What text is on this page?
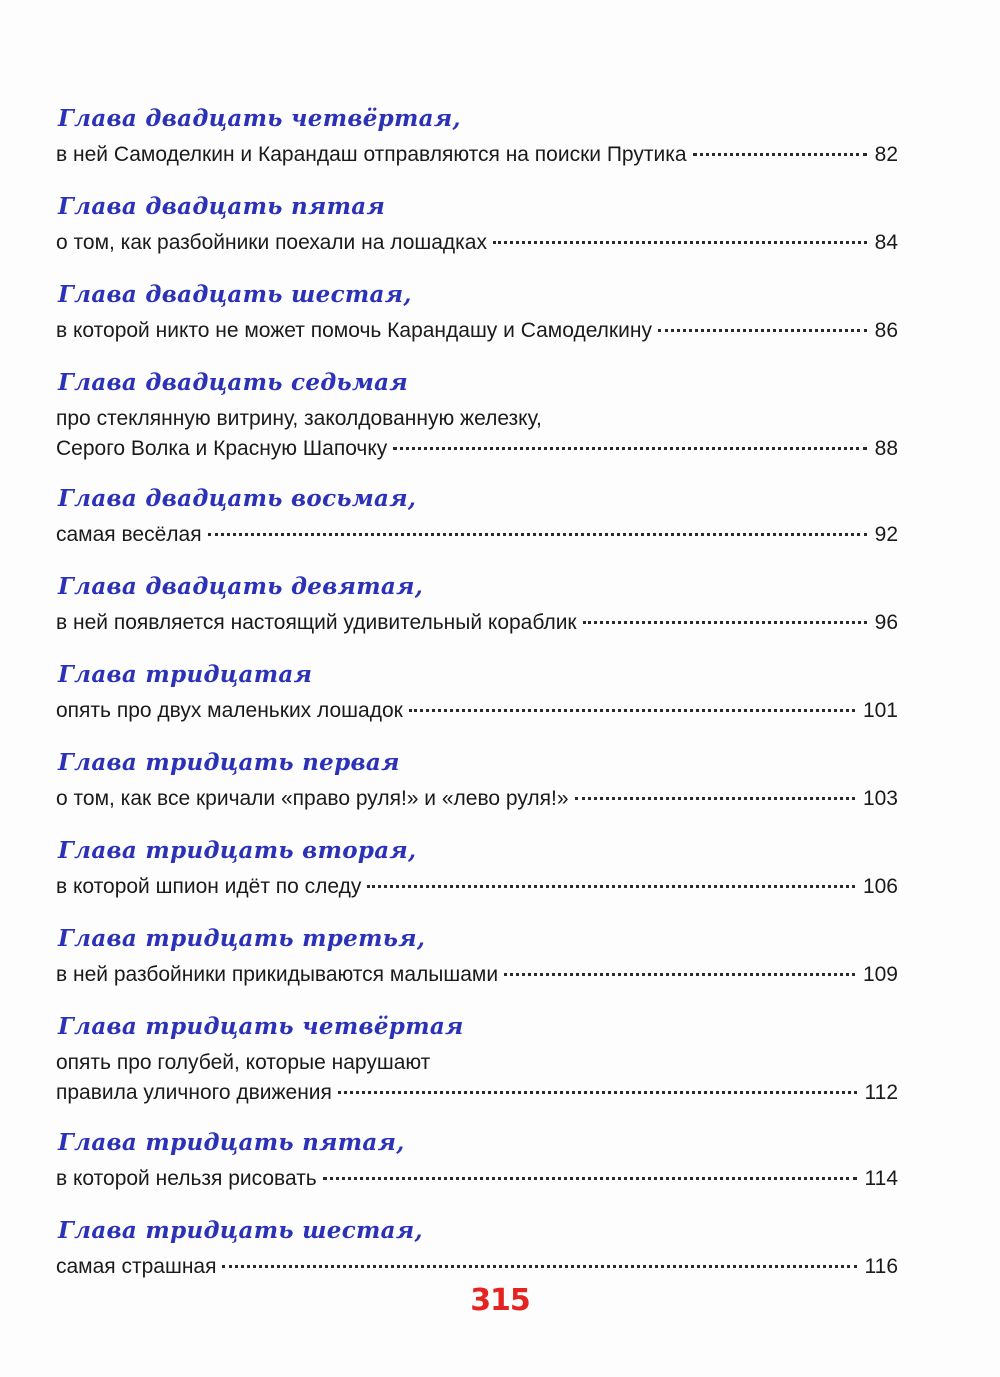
Глава двадцать четвёртая,
в ней Самоделкин и Карандаш отправляются на поиски Прутика	82
Глава двадцать пятая
о том, как разбойники поехали на лошадках	84
Глава двадцать шестая,
в которой никто не может помочь Карандашу и Самоделкину	86
Глава двадцать седьмая
про стеклянную витрину, заколдованную железку,
Серого Волка и Красную Шапочку	88
Глава двадцать восьмая,
самая весёлая	92
Глава двадцать девятая,
в ней появляется настоящий удивительный кораблик	96
Глава тридцатая
опять про двух маленьких лошадок	101
Глава тридцать первая
о том, как все кричали «право руля!» и «лево руля!»	103
Глава тридцать вторая,
в которой шпион идёт по следу	106
Глава тридцать третья,
в ней разбойники прикидываются малышами	109
Глава тридцать четвёртая
опять про голубей, которые нарушают
правила уличного движения	112
Глава тридцать пятая,
в которой нельзя рисовать	114
Глава тридцать шестая,
самая страшная	116
315
